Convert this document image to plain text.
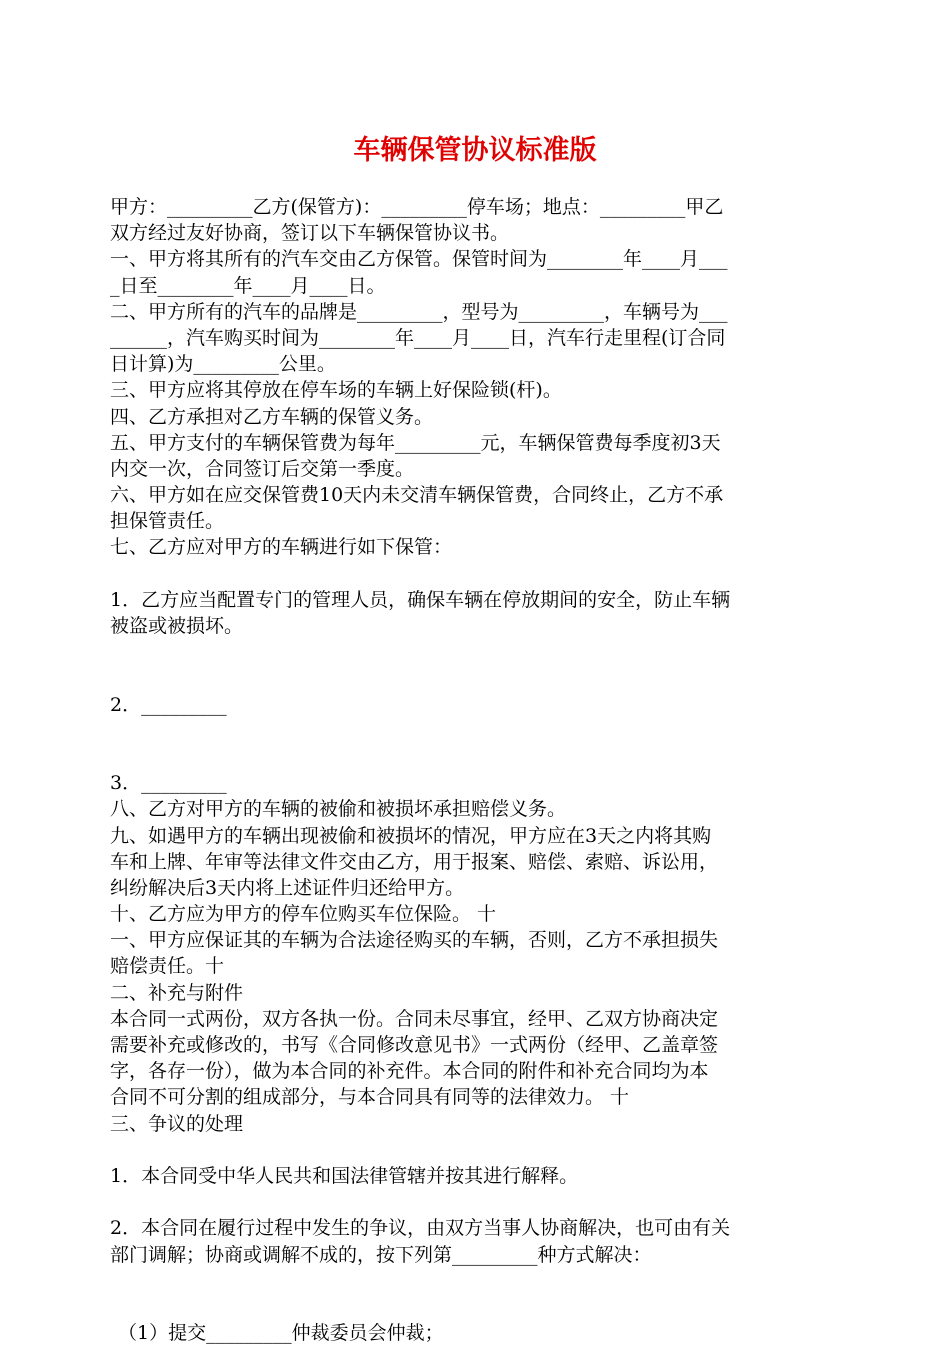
车辆保管协议标准版
甲方：_________乙方(保管方)：_________停车场；地点：_________甲乙
双方经过友好协商，签订以下车辆保管协议书。
一、甲方将其所有的汽车交由乙方保管。保管时间为________年____月___
_日至________年____月____日。
二、甲方所有的汽车的品牌是_________，型号为_________，车辆号为___
______，汽车购买时间为________年____月____日，汽车行走里程(订合同
日计算)为_________公里。
三、甲方应将其停放在停车场的车辆上好保险锁(杆)。
四、乙方承担对乙方车辆的保管义务。
五、甲方支付的车辆保管费为每年_________元，车辆保管费每季度初3天
内交一次，合同签订后交第一季度。
六、甲方如在应交保管费10天内未交清车辆保管费，合同终止，乙方不承
担保管责任。
七、乙方应对甲方的车辆进行如下保管：

1．乙方应当配置专门的管理人员，确保车辆在停放期间的安全，防止车辆
被盗或被损坏。

2．_________

3．_________
八、乙方对甲方的车辆的被偷和被损坏承担赔偿义务。
九、如遇甲方的车辆出现被偷和被损坏的情况，甲方应在3天之内将其购
车和上牌、年审等法律文件交由乙方，用于报案、赔偿、索赔、诉讼用，
纠纷解决后3天内将上述证件归还给甲方。
十、乙方应为甲方的停车位购买车位保险。 十
一、甲方应保证其的车辆为合法途径购买的车辆，否则，乙方不承担损失
赔偿责任。十
二、补充与附件
本合同一式两份，双方各执一份。合同未尽事宜，经甲、乙双方协商决定
需要补充或修改的，书写《合同修改意见书》一式两份（经甲、乙盖章签
字，各存一份），做为本合同的补充件。本合同的附件和补充合同均为本
合同不可分割的组成部分，与本合同具有同等的法律效力。 十
三、争议的处理

1．本合同受中华人民共和国法律管辖并按其进行解释。

2．本合同在履行过程中发生的争议，由双方当事人协商解决，也可由有关
部门调解；协商或调解不成的，按下列第_________种方式解决：

（1）提交_________仲裁委员会仲裁；
